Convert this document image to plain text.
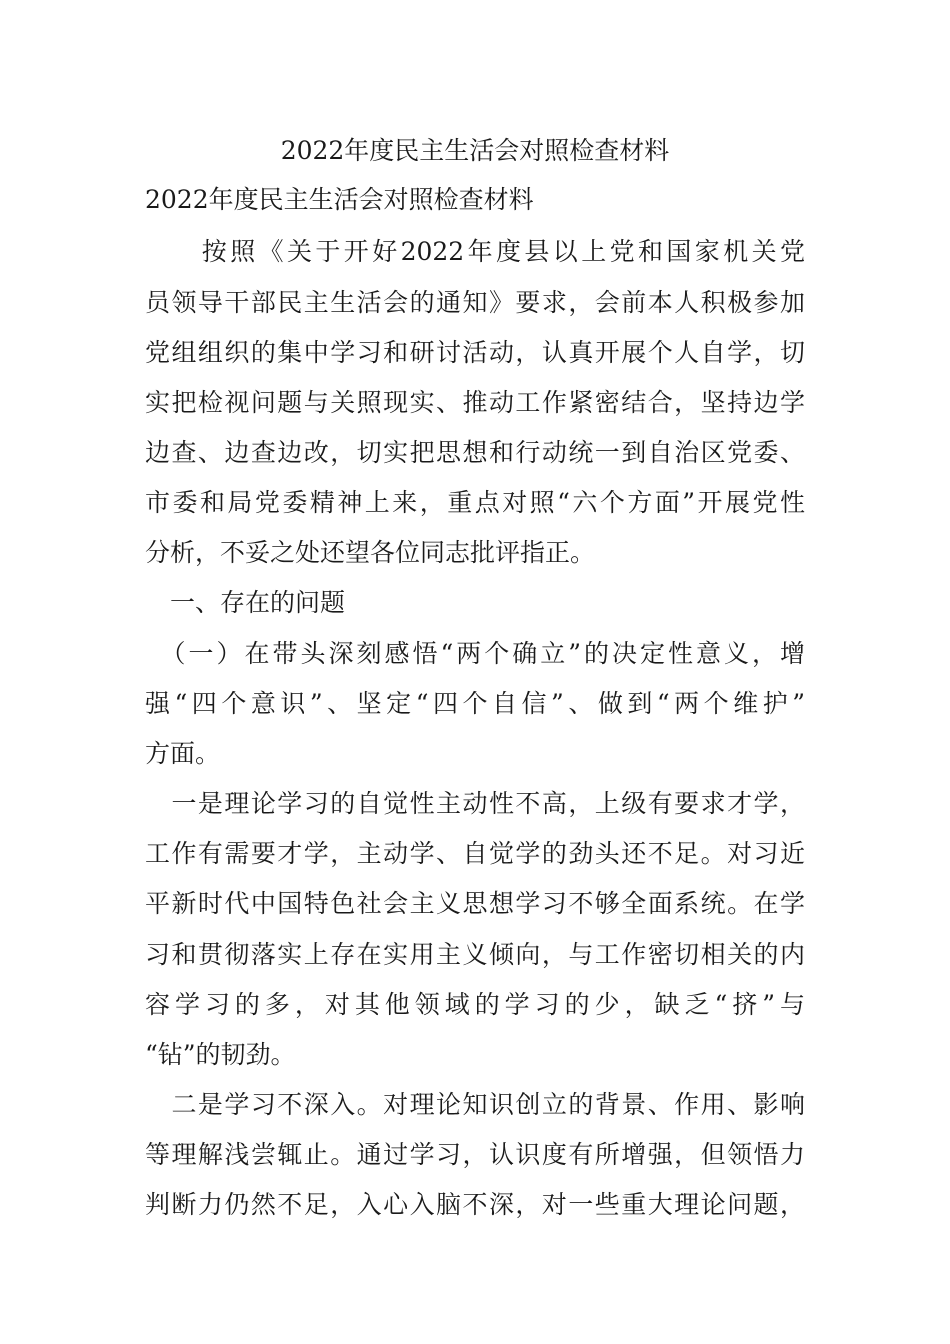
2022年度民主生活会对照检查材料
2022年度民主生活会对照检查材料

　　按照《关于开好2022年度县以上党和国家机关党

员领导干部民主生活会的通知》要求，会前本人积极参加

党组组织的集中学习和研讨活动，认真开展个人自学，切

实把检视问题与关照现实、推动工作紧密结合，坚持边学

边查、边查边改，切实把思想和行动统一到自治区党委、

市委和局党委精神上来，重点对照“六个方面”开展党性

分析，不妥之处还望各位同志批评指正。

　一、存在的问题

　（一）在带头深刻感悟“两个确立”的决定性意义，增

强“四个意识”、坚定“四个自信”、做到“两个维护”

方面。

　一是理论学习的自觉性主动性不高，上级有要求才学，

工作有需要才学，主动学、自觉学的劲头还不足。对习近

平新时代中国特色社会主义思想学习不够全面系统。在学

习和贯彻落实上存在实用主义倾向，与工作密切相关的内

容学习的多，对其他领域的学习的少，缺乏“挤”与

“钻”的韧劲。

　二是学习不深入。对理论知识创立的背景、作用、影响

等理解浅尝辄止。通过学习，认识度有所增强，但领悟力

判断力仍然不足，入心入脑不深，对一些重大理论问题，
